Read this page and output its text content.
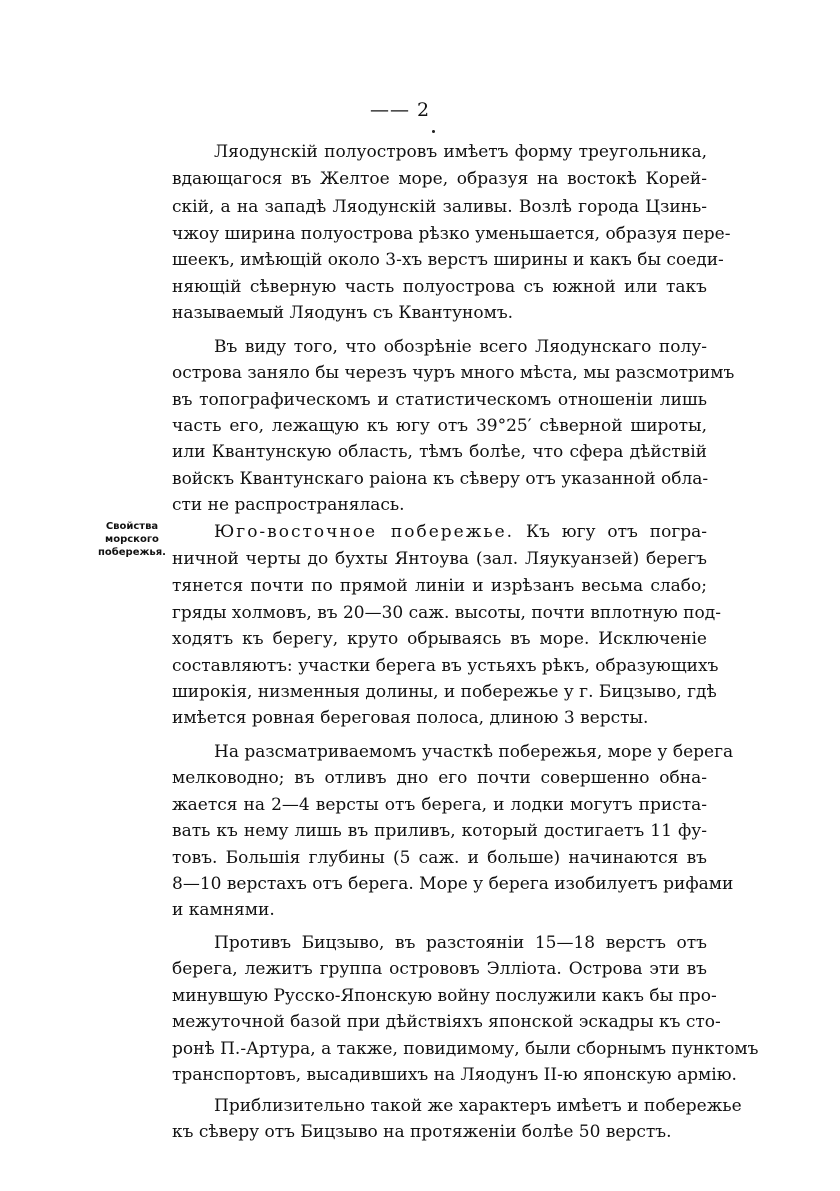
—— 2
Свойства
морского
побережья.
Ляодунскій полуостровъ имѣетъ форму треугольника,
вдающагося въ Желтое море, образуя на востокѣ Корей-
скій, а на западѣ Ляодунскій заливы. Возлѣ города Цзинь-
чжоу ширина полуострова рѣзко уменьшается, образуя пере-
шеекъ, имѣющій около 3-хъ верстъ ширины и какъ бы соеди-
няющій сѣверную часть полуострова съ южной или такъ
называемый Ляодунъ съ Квантуномъ.
Въ виду того, что обозрѣніе всего Ляодунскаго полу-
острова заняло бы черезъ чуръ много мѣста, мы разсмотримъ
въ топографическомъ и статистическомъ отношеніи лишь
часть его, лежащую къ югу отъ 39°25′ сѣверной широты,
или Квантунскую область, тѣмъ болѣе, что сфера дѣйствій
войскъ Квантунскаго раіона къ сѣверу отъ указанной обла-
сти не распространялась.
Юго-восточное побережье. Къ югу отъ погра-
ничной черты до бухты Янтоува (зал. Ляукуанзей) берегъ
тянется почти по прямой линіи и изрѣзанъ весьма слабо;
гряды холмовъ, въ 20—30 саж. высоты, почти вплотную под-
ходятъ къ берегу, круто обрываясь въ море. Исключеніе
составляютъ: участки берега въ устьяхъ рѣкъ, образующихъ
широкія, низменныя долины, и побережье у г. Бицзыво, гдѣ
имѣется ровная береговая полоса, длиною 3 версты.
На разсматриваемомъ участкѣ побережья, море у берега
мелководно; въ отливъ дно его почти совершенно обна-
жается на 2—4 версты отъ берега, и лодки могутъ приста-
вать къ нему лишь въ приливъ, который достигаетъ 11 фу-
товъ. Большія глубины (5 саж. и больше) начинаются въ
8—10 верстахъ отъ берега. Море у берега изобилуетъ рифами
и камнями.
Противъ Бицзыво, въ разстояніи 15—18 верстъ отъ
берега, лежитъ группа острововъ Эллiота. Острова эти въ
минувшую Русско-Японскую войну послужили какъ бы про-
межуточной базой при дѣйствіяхъ японской эскадры къ сто-
ронѣ П.-Артура, а также, повидимому, были сборнымъ пунктомъ
транспортовъ, высадившихъ на Ляодунъ II-ю японскую армію.
Приблизительно такой же характеръ имѣетъ и побережье
къ сѣверу отъ Бицзыво на протяженіи болѣе 50 верстъ.
